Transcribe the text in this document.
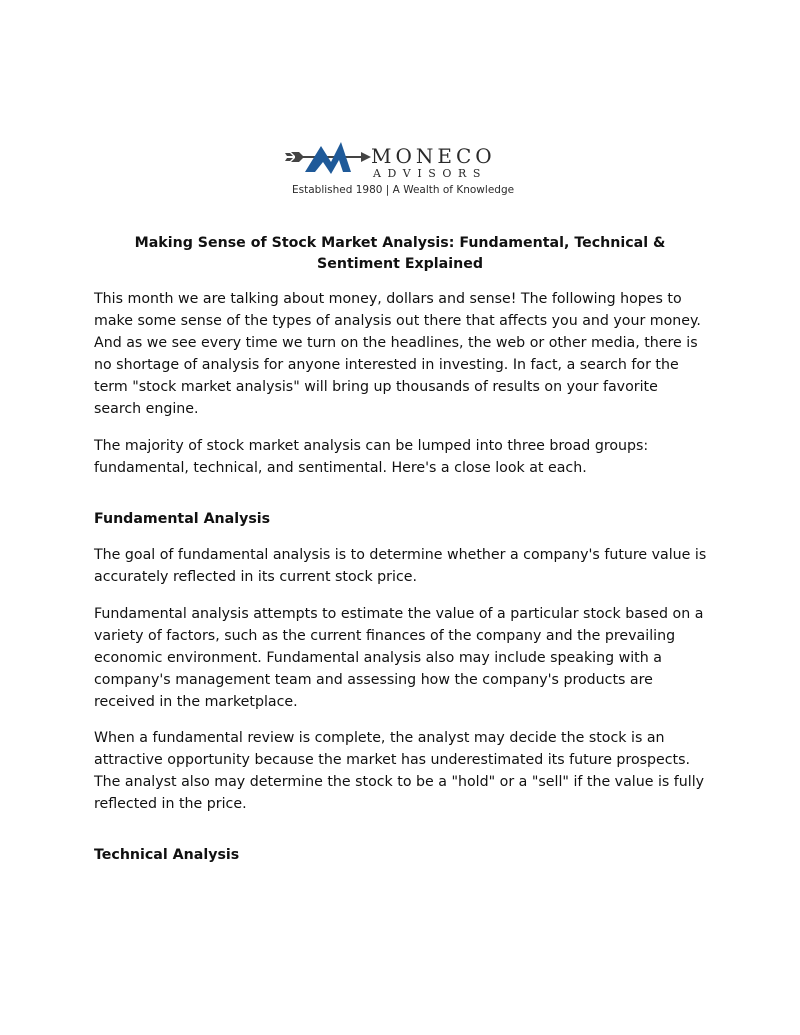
MONECO
ADVISORS
Established 1980 | A Wealth of Knowledge
Making Sense of Stock Market Analysis: Fundamental, Technical & Sentiment Explained

This month we are talking about money, dollars and sense! The following hopes to make some sense of the types of analysis out there that affects you and your money. And as we see every time we turn on the headlines, the web or other media, there is no shortage of analysis for anyone interested in investing. In fact, a search for the term "stock market analysis" will bring up thousands of results on your favorite search engine.

The majority of stock market analysis can be lumped into three broad groups: fundamental, technical, and sentimental. Here's a close look at each.

Fundamental Analysis

The goal of fundamental analysis is to determine whether a company's future value is accurately reflected in its current stock price.

Fundamental analysis attempts to estimate the value of a particular stock based on a variety of factors, such as the current finances of the company and the prevailing economic environment. Fundamental analysis also may include speaking with a company's management team and assessing how the company's products are received in the marketplace.

When a fundamental review is complete, the analyst may decide the stock is an attractive opportunity because the market has underestimated its future prospects. The analyst also may determine the stock to be a "hold" or a "sell" if the value is fully reflected in the price.

Technical Analysis
